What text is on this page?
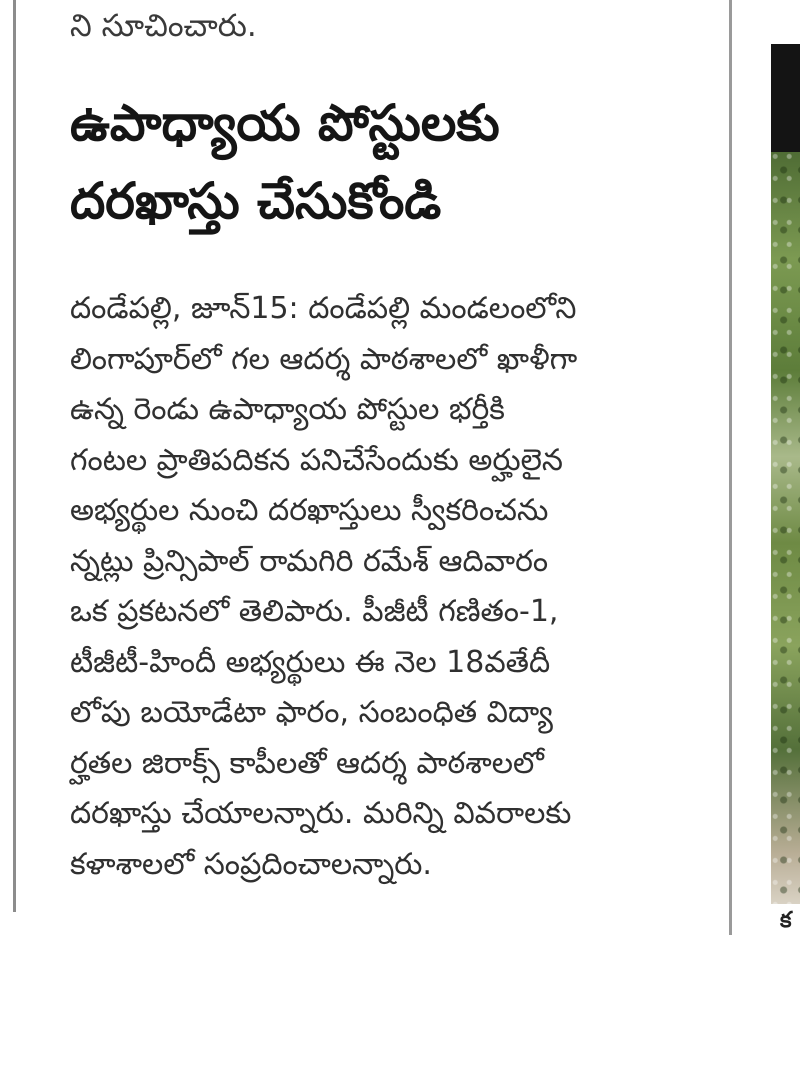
ని సూచించారు.
ఉపాధ్యాయ పోస్టులకు
దరఖాస్తు చేసుకోండి
దండేపల్లి, జూన్15: దండేపల్లి మండలంలోని
లింగాపూర్‌లో గల ఆదర్శ పాఠశాలలో ఖాళీగా
ఉన్న రెండు ఉపాధ్యాయ పోస్టుల భర్తీకి
గంటల ప్రాతిపదికన పనిచేసేందుకు అర్హులైన
అభ్యర్థుల నుంచి దరఖాస్తులు స్వీకరించను
న్నట్లు ప్రిన్సిపాల్ రామగిరి రమేశ్ ఆదివారం
ఒక ప్రకటనలో తెలిపారు. పీజీటీ గణితం-1,
టీజీటీ-హిందీ అభ్యర్థులు ఈ నెల 18వతేదీ
లోపు బయోడేటా ఫారం, సంబంధిత విద్యా
ర్హతల జిరాక్స్ కాపీలతో ఆదర్శ పాఠశాలలో
దరఖాస్తు చేయాలన్నారు. మరిన్ని వివరాలకు
కళాశాలలో సంప్రదించాలన్నారు.
క
